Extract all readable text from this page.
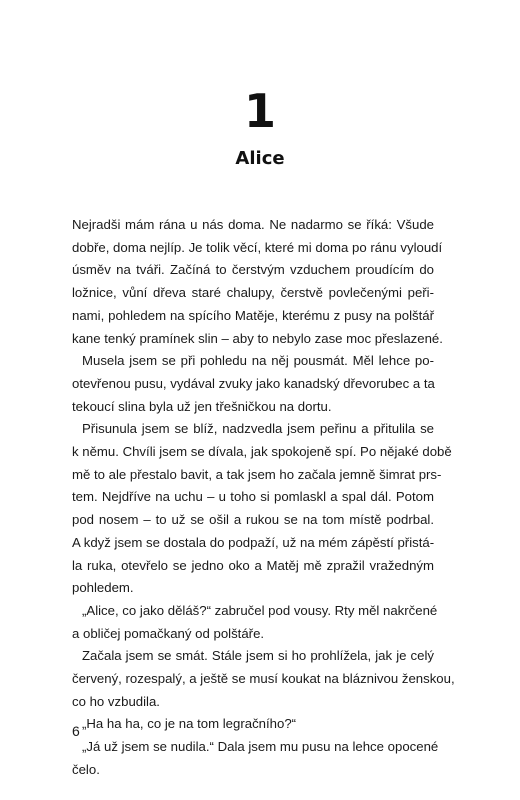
1
Alice
Nejradši mám rána u nás doma. Ne nadarmo se říká: Všude
dobře, doma nejlíp. Je tolik věcí, které mi doma po ránu vyloudí
úsměv na tváři. Začíná to čerstvým vzduchem proudícím do
ložnice, vůní dřeva staré chalupy, čerstvě povlečenými peři-
nami, pohledem na spícího Matěje, kterému z pusy na polštář
kane tenký pramínek slin – aby to nebylo zase moc přeslazené.
Musela jsem se při pohledu na něj pousmát. Měl lehce po-
otevřenou pusu, vydával zvuky jako kanadský dřevorubec a ta
tekoucí slina byla už jen třešničkou na dortu.
Přisunula jsem se blíž, nadzvedla jsem peřinu a přitulila se
k němu. Chvíli jsem se dívala, jak spokojeně spí. Po nějaké době
mě to ale přestalo bavit, a tak jsem ho začala jemně šimrat prs-
tem. Nejdříve na uchu – u toho si pomlaskl a spal dál. Potom
pod nosem – to už se ošil a rukou se na tom místě podrbal.
A když jsem se dostala do podpaží, už na mém zápěstí přistá-
la ruka, otevřelo se jedno oko a Matěj mě zpražil vražedným
pohledem.
„Alice, co jako děláš?“ zabručel pod vousy. Rty měl nakrčené
a obličej pomačkaný od polštáře.
Začala jsem se smát. Stále jsem si ho prohlížela, jak je celý
červený, rozespalý, a ještě se musí koukat na bláznivou ženskou,
co ho vzbudila.
„Ha ha ha, co je na tom legračního?“
„Já už jsem se nudila.“ Dala jsem mu pusu na lehce opocené
čelo.
6
